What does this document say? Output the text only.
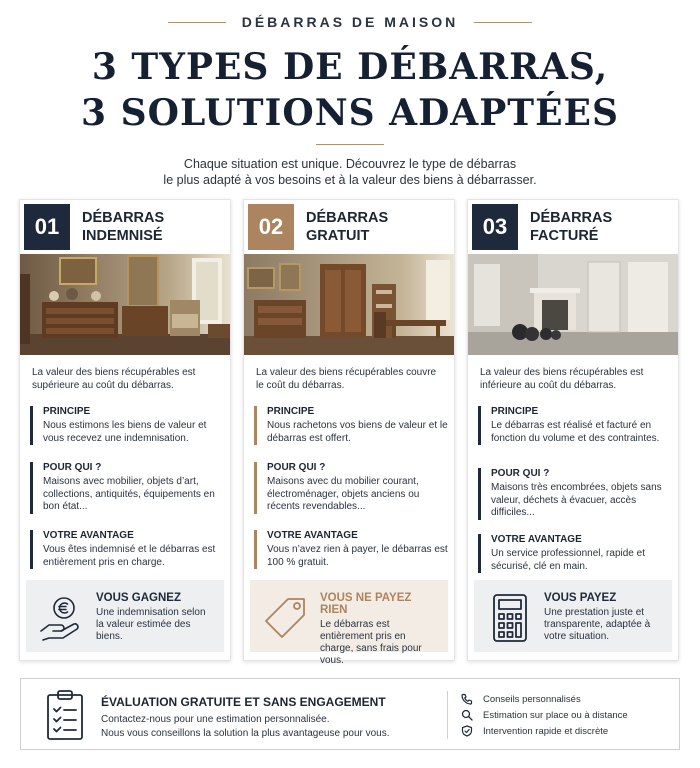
DÉBARRAS DE MAISON
3 TYPES DE DÉBARRAS,
3 SOLUTIONS ADAPTÉES
Chaque situation est unique. Découvrez le type de débarras
le plus adapté à vos besoins et à la valeur des biens à débarrasser.
01	DÉBARRAS
INDEMNISÉ
La valeur des biens récupérables est supérieure au coût du débarras.
PRINCIPE
Nous estimons les biens de valeur et vous recevez une indemnisation.
POUR QUI ?
Maisons avec mobilier, objets d’art, collections, antiquités, équipements en bon état...
VOTRE AVANTAGE
Vous êtes indemnisé et le débarras est entièrement pris en charge.
VOUS GAGNEZ
Une indemnisation selon la valeur estimée des biens.
02	DÉBARRAS
GRATUIT
La valeur des biens récupérables couvre le coût du débarras.
PRINCIPE
Nous rachetons vos biens de valeur et le débarras est offert.
POUR QUI ?
Maisons avec du mobilier courant, électroménager, objets anciens ou récents revendables...
VOTRE AVANTAGE
Vous n’avez rien à payer, le débarras est 100 % gratuit.
VOUS NE PAYEZ RIEN
Le débarras est entièrement pris en charge, sans frais pour vous.
03	DÉBARRAS
FACTURÉ
La valeur des biens récupérables est inférieure au coût du débarras.
PRINCIPE
Le débarras est réalisé et facturé en fonction du volume et des contraintes.
POUR QUI ?
Maisons très encombrées, objets sans valeur, déchets à évacuer, accès difficiles...
VOTRE AVANTAGE
Un service professionnel, rapide et sécurisé, clé en main.
VOUS PAYEZ
Une prestation juste et transparente, adaptée à votre situation.
ÉVALUATION GRATUITE ET SANS ENGAGEMENT
Contactez-nous pour une estimation personnalisée.
Nous vous conseillons la solution la plus avantageuse pour vous.
Conseils personnalisés
Estimation sur place ou à distance
Intervention rapide et discrète
